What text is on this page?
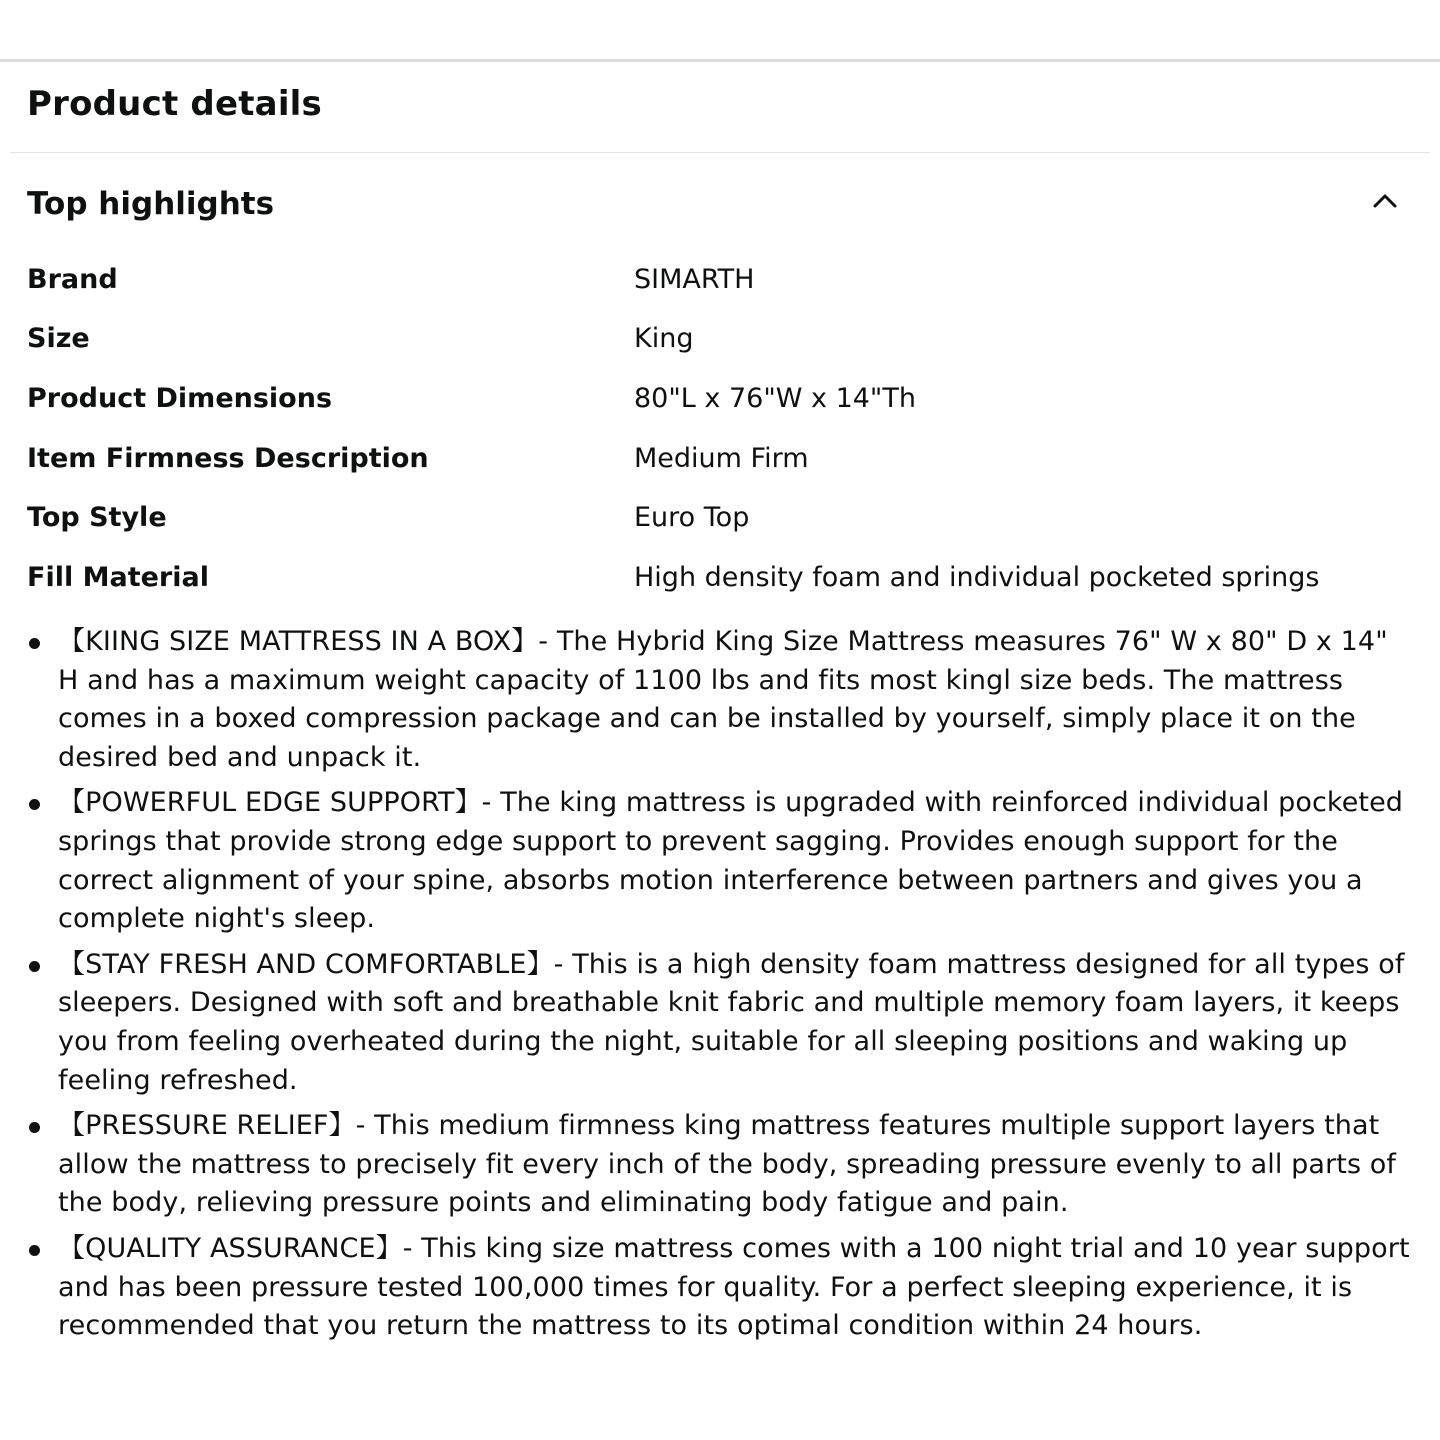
Product details
Top highlights
Brand	SIMARTH
Size	King
Product Dimensions	80"L x 76"W x 14"Th
Item Firmness Description	Medium Firm
Top Style	Euro Top
Fill Material	High density foam and individual pocketed springs
【KIING SIZE MATTRESS IN A BOX】- The Hybrid King Size Mattress measures 76" W x 80" D x 14" H and has a maximum weight capacity of 1100 lbs and fits most kingl size beds. The mattress comes in a boxed compression package and can be installed by yourself, simply place it on the desired bed and unpack it.
【POWERFUL EDGE SUPPORT】- The king mattress is upgraded with reinforced individual pocketed springs that provide strong edge support to prevent sagging. Provides enough support for the correct alignment of your spine, absorbs motion interference between partners and gives you a complete night's sleep.
【STAY FRESH AND COMFORTABLE】- This is a high density foam mattress designed for all types of sleepers. Designed with soft and breathable knit fabric and multiple memory foam layers, it keeps you from feeling overheated during the night, suitable for all sleeping positions and waking up feeling refreshed.
【PRESSURE RELIEF】- This medium firmness king mattress features multiple support layers that allow the mattress to precisely fit every inch of the body, spreading pressure evenly to all parts of the body, relieving pressure points and eliminating body fatigue and pain.
【QUALITY ASSURANCE】- This king size mattress comes with a 100 night trial and 10 year support and has been pressure tested 100,000 times for quality. For a perfect sleeping experience, it is recommended that you return the mattress to its optimal condition within 24 hours.
